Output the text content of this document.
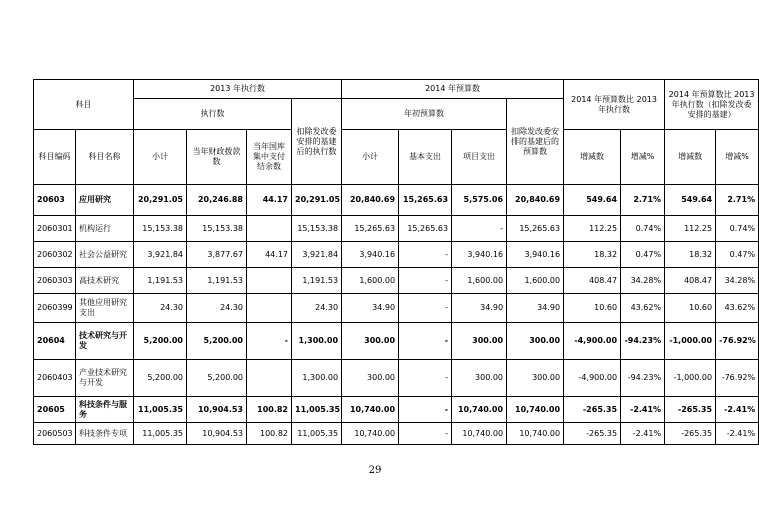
科目		2013 年执行数				2014 年预算数				2014 年预算数比 2013 年执行数		2014 年预算数比 2013 年执行数（扣除发改委安排的基建）	
		执行数			扣除发改委安排的基建后的执行数	年初预算数			扣除发改委安排的基建后的预算数				
科目编码	科目名称	小计	当年财政拨款数	当年国库集中支付结余数		小计	基本支出	项目支出		增减数	增减%	增减数	增减%
20603	应用研究	20,291.05	20,246.88	44.17	20,291.05	20,840.69	15,265.63	5,575.06	20,840.69	549.64	2.71%	549.64	2.71%
2060301	机构运行	15,153.38	15,153.38		15,153.38	15,265.63	15,265.63	-	15,265.63	112.25	0.74%	112.25	0.74%
2060302	社会公益研究	3,921.84	3,877.67	44.17	3,921.84	3,940.16	-	3,940.16	3,940.16	18.32	0.47%	18.32	0.47%
2060303	高技术研究	1,191.53	1,191.53		1,191.53	1,600.00	-	1,600.00	1,600.00	408.47	34.28%	408.47	34.28%
2060399	其他应用研究支出	24.30	24.30		24.30	34.90	-	34.90	34.90	10.60	43.62%	10.60	43.62%
20604	技术研究与开发	5,200.00	5,200.00	-	1,300.00	300.00	-	300.00	300.00	-4,900.00	-94.23%	-1,000.00	-76.92%
2060403	产业技术研究与开发	5,200.00	5,200.00		1,300.00	300.00	-	300.00	300.00	-4,900.00	-94.23%	-1,000.00	-76.92%
20605	科技条件与服务	11,005.35	10,904.53	100.82	11,005.35	10,740.00	-	10,740.00	10,740.00	-265.35	-2.41%	-265.35	-2.41%
2060503	科技条件专项	11,005.35	10,904.53	100.82	11,005.35	10,740.00	-	10,740.00	10,740.00	-265.35	-2.41%	-265.35	-2.41%
29
